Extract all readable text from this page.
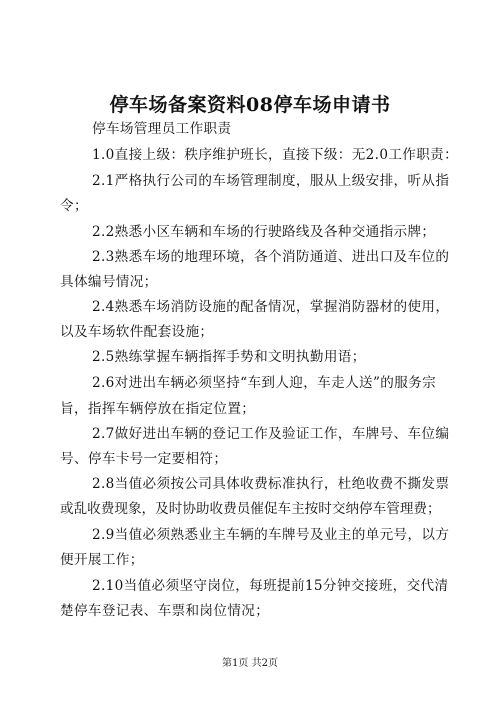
停车场备案资料08停车场申请书
停车场管理员工作职责
1.0直接上级：秩序维护班长，直接下级：无2.0工作职责：
2.1严格执行公司的车场管理制度，服从上级安排，听从指
令；
2.2熟悉小区车辆和车场的行驶路线及各种交通指示牌；
2.3熟悉车场的地理环境，各个消防通道、进出口及车位的
具体编号情况；
2.4熟悉车场消防设施的配备情况，掌握消防器材的使用，
以及车场软件配套设施；
2.5熟练掌握车辆指挥手势和文明执勤用语；
2.6对进出车辆必须坚持“车到人迎，车走人送”的服务宗
旨，指挥车辆停放在指定位置；
2.7做好进出车辆的登记工作及验证工作，车牌号、车位编
号、停车卡号一定要相符；
2.8当值必须按公司具体收费标准执行，杜绝收费不撕发票
或乱收费现象，及时协助收费员催促车主按时交纳停车管理费；
2.9当值必须熟悉业主车辆的车牌号及业主的单元号，以方
便开展工作；
2.10当值必须坚守岗位，每班提前15分钟交接班，交代清
楚停车登记表、车票和岗位情况；
第1页 共2页
